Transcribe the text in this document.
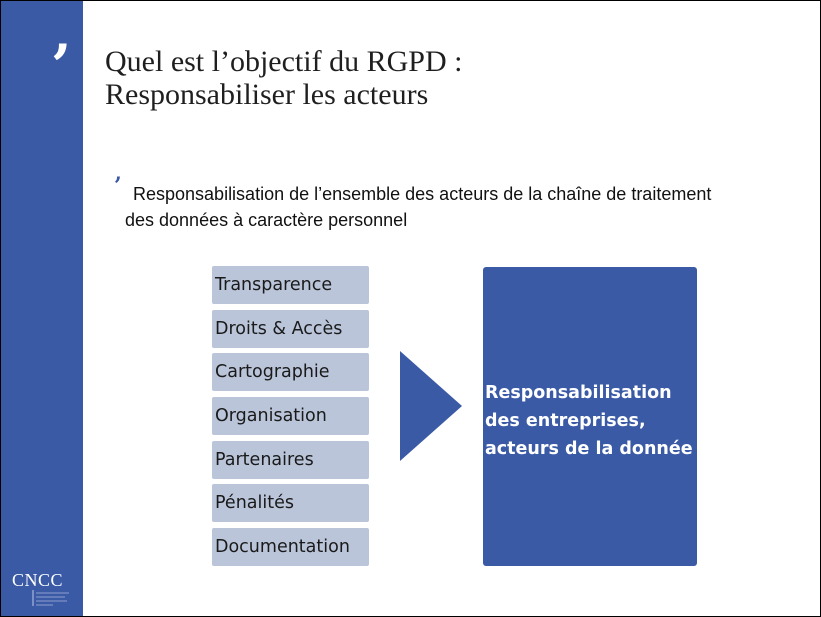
’ Quel est l’objectif du RGPD :
Responsabiliser les acteurs
’ Responsabilisation de l’ensemble des acteurs de la chaîne de traitement des données à caractère personnel
Transparence
Droits & Accès
Cartographie
Organisation
Partenaires
Pénalités
Documentation
Responsabilisation
des entreprises,
acteurs de la donnée
CNCC
